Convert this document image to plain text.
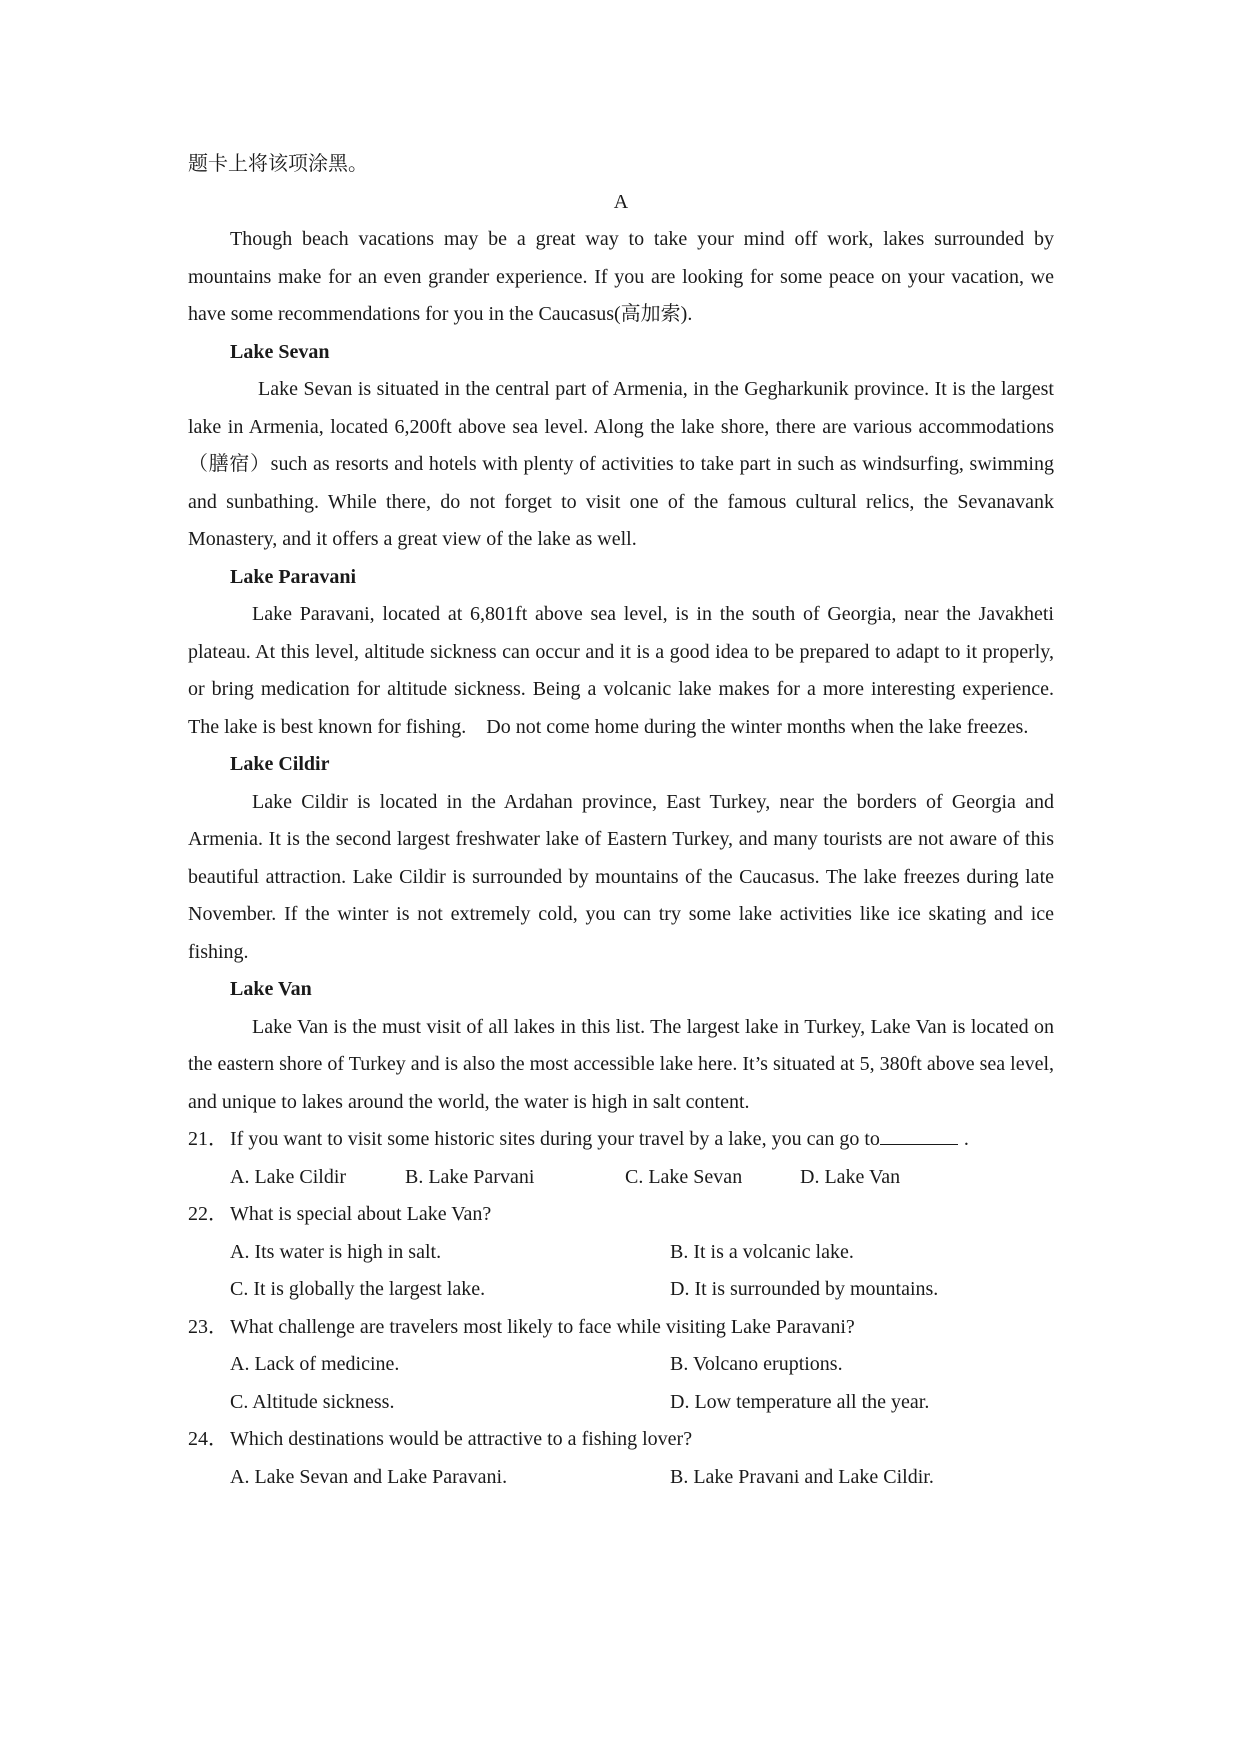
题卡上将该项涂黑。
A

Though beach vacations may be a great way to take your mind off work, lakes surrounded by mountains make for an even grander experience. If you are looking for some peace on your vacation, we have some recommendations for you in the Caucasus(高加索).

Lake Sevan

Lake Sevan is situated in the central part of Armenia, in the Gegharkunik province. It is the largest lake in Armenia, located 6,200ft above sea level. Along the lake shore, there are various accommodations（膳宿）such as resorts and hotels with plenty of activities to take part in such as windsurfing, swimming and sunbathing. While there, do not forget to visit one of the famous cultural relics, the Sevanavank Monastery, and it offers a great view of the lake as well.

Lake Paravani

Lake Paravani, located at 6,801ft above sea level, is in the south of Georgia, near the Javakheti plateau. At this level, altitude sickness can occur and it is a good idea to be prepared to adapt to it properly, or bring medication for altitude sickness. Being a volcanic lake makes for a more interesting experience. The lake is best known for fishing.    Do not come home during the winter months when the lake freezes.

Lake Cildir

Lake Cildir is located in the Ardahan province, East Turkey, near the borders of Georgia and Armenia. It is the second largest freshwater lake of Eastern Turkey, and many tourists are not aware of this beautiful attraction. Lake Cildir is surrounded by mountains of the Caucasus. The lake freezes during late November. If the winter is not extremely cold, you can try some lake activities like ice skating and ice fishing.

Lake Van

Lake Van is the must visit of all lakes in this list. The largest lake in Turkey, Lake Van is located on the eastern shore of Turkey and is also the most accessible lake here. It’s situated at 5, 380ft above sea level, and unique to lakes around the world, the water is high in salt content.

21． If you want to visit some historic sites during your travel by a lake, you can go to	.
A. Lake Cildir	B. Lake Parvani	C. Lake Sevan	D. Lake Van
22． What is special about Lake Van?
A. Its water is high in salt.	B. It is a volcanic lake.
C. It is globally the largest lake.	D. It is surrounded by mountains.
23． What challenge are travelers most likely to face while visiting Lake Paravani?
A. Lack of medicine.	B. Volcano eruptions.
C. Altitude sickness.	D. Low temperature all the year.
24． Which destinations would be attractive to a fishing lover?
A. Lake Sevan and Lake Paravani.	B. Lake Pravani and Lake Cildir.
